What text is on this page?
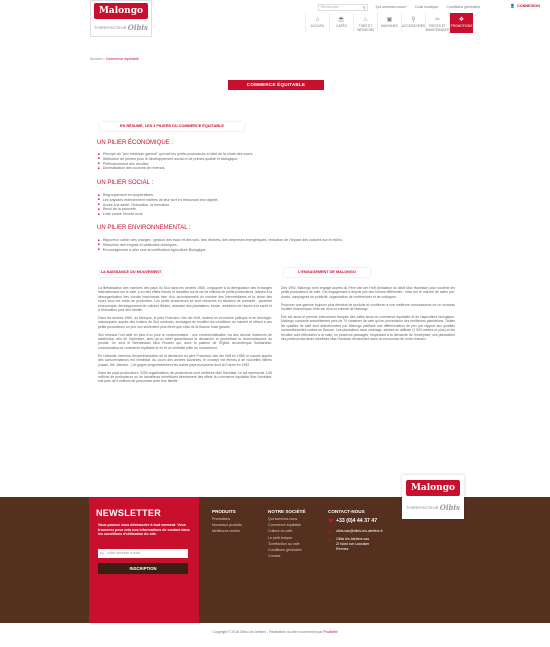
Malongo
TORREFACTEUR Olbis
Rechercher	⚲	Qui sommes-nous? Code boutique Conditions générales	👤 CONNEXION
⌂
ACCUEIL
☕
CAFÉS
♨
THÉS ET INFUSIONS
▣
MACHINES
⚲
ACCESSOIRES
✂
PIÈCES ET MAINTENANCE
❖
PROMOTIONS
Accueil > Commerce équitable
COMMERCE ÉQUITABLE
EN RÉSUMÉ, LES 3 PILIERS DU COMMERCE ÉQUITABLE
UN PILIER ÉCONOMIQUE :
■ Principe du "prix minimum garanti" qui met les petits producteurs à l'abri de la chute des cours.
■ Attribution de primes pour le développement social et de primes qualité et biologique.
■ Préfinancement des récoltes.
■ Diversification des sources de revenus.
UN PILIER SOCIAL :
■ Regroupement en coopératives.
■ Les paysans redeviennent maîtres de leur sort en retrouvant leur dignité.
■ Accès à la santé, l'éducation, la formation.
■ Recul de la pauvreté.
■ Lutte contre l'exode rural.
UN PILIER ENVIRONNEMENTAL :
■ Rigoureux cahier des charges : gestion des eaux et des sols, des déchets, des dépenses énergétiques, réduction de l'impact des cultures sur le milieu.
■ Réduction des engrais et pesticides chimiques.
■ Encouragement à aller vers la certification Agriculture Biologique.
LA NAISSANCE DU MOUVEMENT	L'ENGAGEMENT DE MALONGO

La libéralisation des marchés des pays du Sud dans les années 1980, conjuguée à la dérégulation des échanges internationaux sur le café, a eu des effets directs et durables sur la vie de millions de petits producteurs, laissés à la désorganisation des circuits marchands bien d'un accroissement du nombre des intermédiaires et la chute des cours sous les coûts de production. Les petits producteurs se sont retrouvés en situation de précarité : pauvreté économique, développement de cultures illicites, abandon des plantations, exode, restriction de l'accès à la santé et à l'éducation pour leur famille.

Dans les années 1980, au Mexique, le père Francisco Van der Hoff, docteur en économie politique et en théologie, missionnaire auprès des Indiens du Sud mexicain, envisagea de modifier les conditions du marché et offrant à ces petits producteurs un prix non seulement plus élevé que celui de la Bourse mais garanti.

Ses réseaux l'ont aidé en plus d'un pour le consommateur : une commercialisation via des circuits modernes de distribution afin de l'optimiser, ainsi qu'un label garantissant la démarche et permettant la reconnaissance du produit. Ce sera le Néerlandais Nico Roozen qui, avec le pasteur de l'Église œcuménique Solidaridad, conceptualisa ce commerce équitable et en fit un véritable pilier du mouvement.

En Hollande, berceau d'expérimentation de la démarche du père Francisco Van der Hoff en 1988, le succès auprès des consommateurs est immédiat. Au cours des années suivantes, le concept est étendu à de nouvelles filières (cacao, thé, banane…) et gagne progressivement les autres pays européens dont la France en 1992.

Dans les pays producteurs, 3250 organisations de producteurs sont certifiées Max Havelaar, ce qui représente 1,65 millions de producteurs ou de travailleurs bénéficiant directement des effets du commerce équitable Max Havelaar, soit près de 6 millions de personnes avec leur famille.

Dès 1992, Malongo s'est engagé auprès du Père van der Hoff (fondateur du label Max Havelaar) pour soutenir les petits producteurs de café. Cet engagement a depuis pris des formes différentes : mise sur le marché de cafés pré-dosés, campagnes de publicité, organisation de conférences et de colloques.

Proposer une gamme toujours plus étendue de produits et contribuer à une meilleure connaissance de ce nouveau modèle économique, telle est donc la volonté de Malongo.

Elle est aussi le premier intervenant français des cafés issus du commerce équitable et de l'agriculture biologique. Malongo consacre annuellement près de 70 container de café qui en provenance des meilleures plantations. Toutes les qualités de café sont sélectionnées par Malongo justifiant une différenciation de prix par rapport aux qualités conventionnelles cotées en Bourse. Les plantations sous ombrage, situées en altitude (1 500 mètres et plus) et les récoltes sont effectuées à la main, en plusieurs passages, respectant à la demande de l'entreprise, ces plantations des petits producteurs labellisés Max Havelaar réinscrivent dans un renouveau de notre réseaux.

NEWSLETTER
Vous pouvez vous désinscrire à tout moment. Vous trouverez pour cela nos informations de contact dans les conditions d'utilisation du site.
✉ Votre adresse e-mail
INSCRIPTION
PRODUITS
Promotions
Nouveaux produits
Meilleures ventes
NOTRE SOCIÉTÉ
Qui sommes-nous
Commerce équitable
Culture du café
Le petit lexique
Torréfaction au café
Conditions générales
Contact
CONTACT-NOUS
☎ +33 (0)4 44 37 47
✉	olbis.sas@olbis-les-ateliers.fr
⌖	Olbis les Ateliers sas
Zi Nord rue Lavoisier
Rennes
Malongo
TORREFACTEUR Olbis
Copyright © 2018 Olbis Les Ateliers - Réalisation du site e-commerce par ProdWeb
